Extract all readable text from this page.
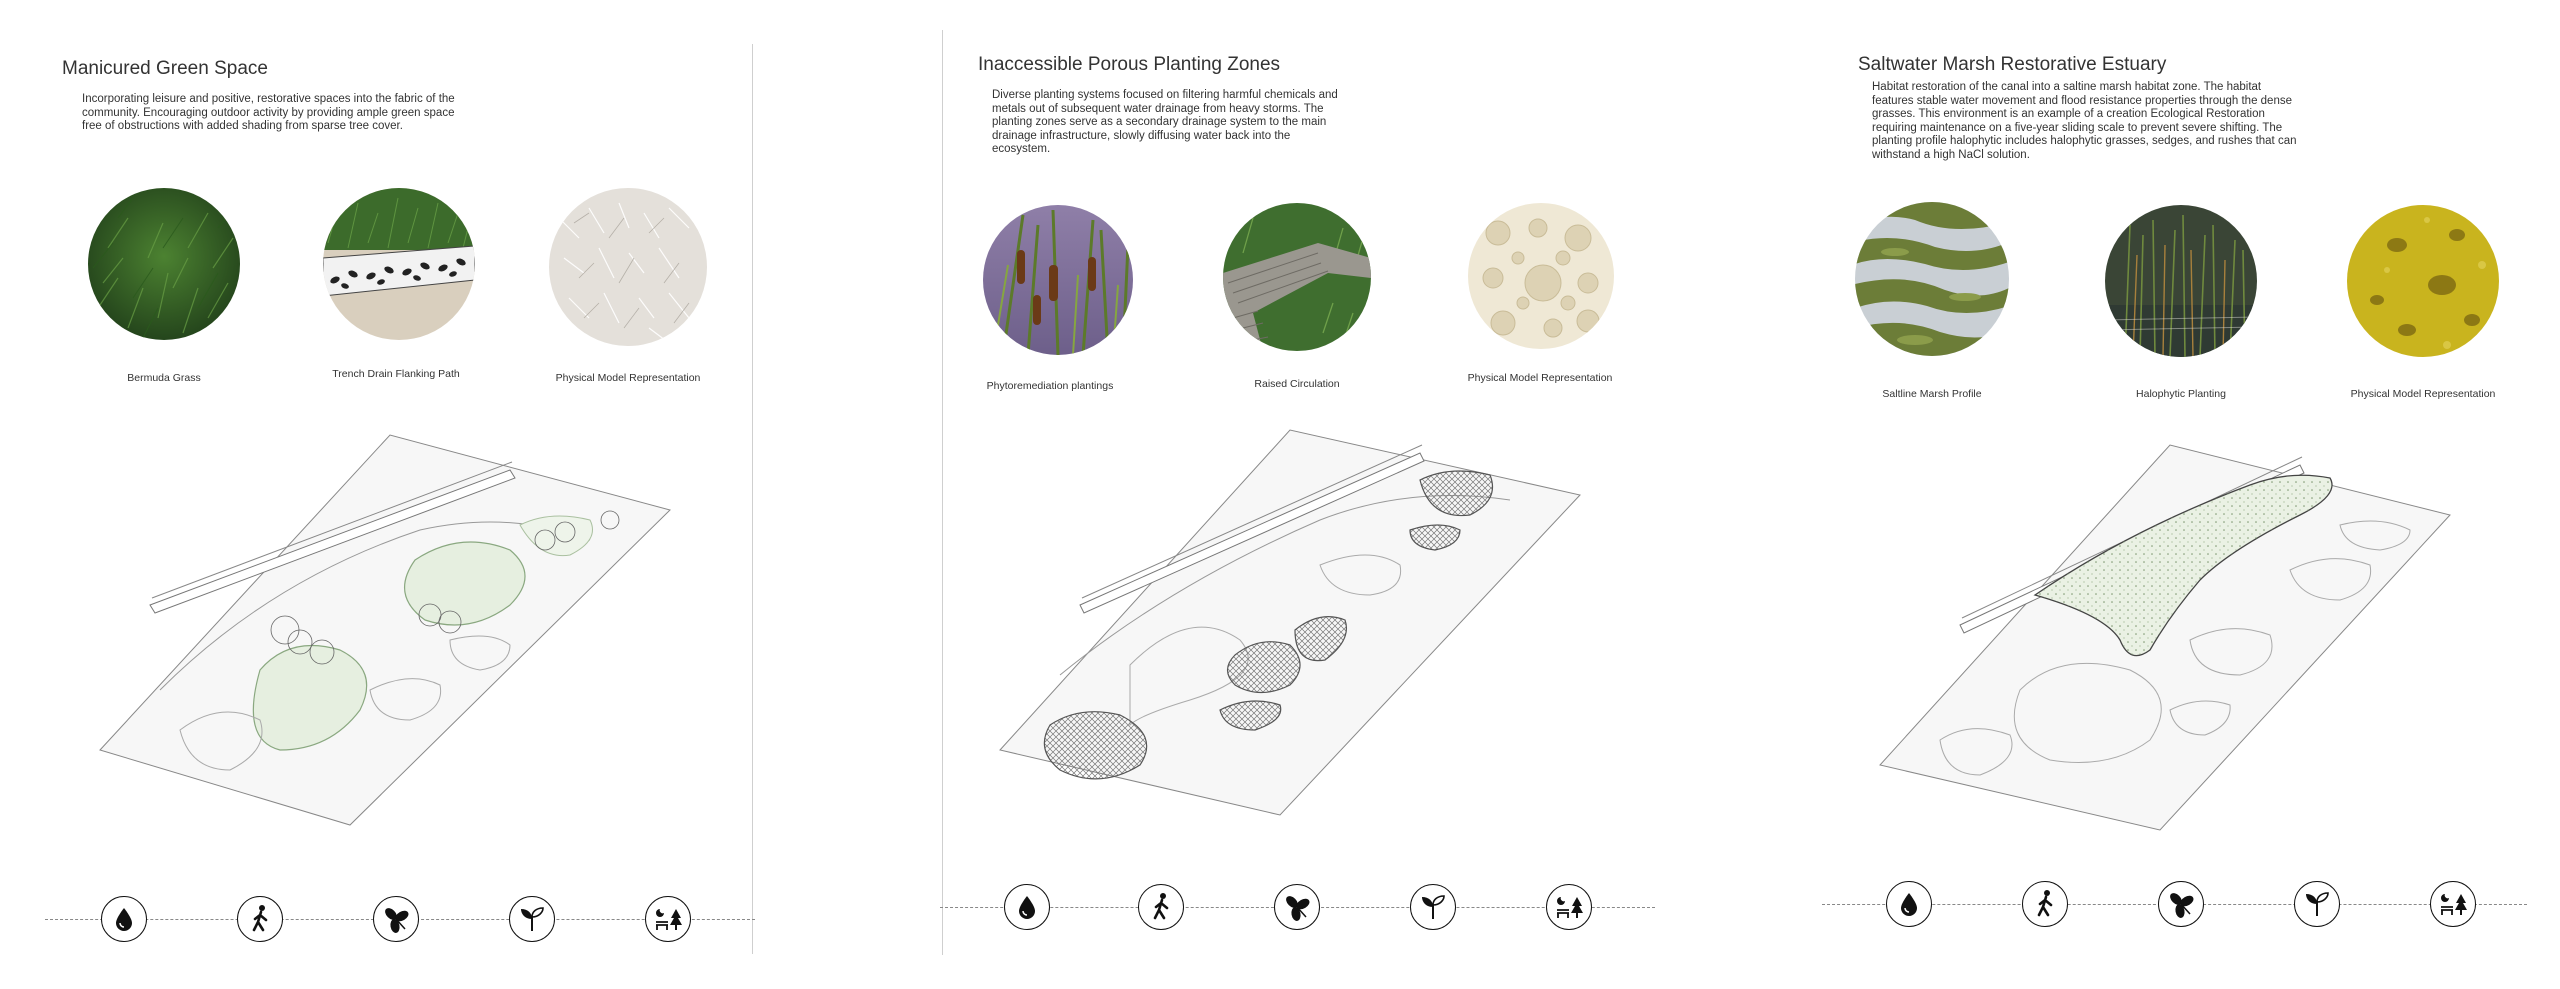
Manicured Green Space
Incorporating leisure and positive, restorative spaces into the fabric of the community. Encouraging outdoor activity by providing ample green space free of obstructions with added shading from sparse tree cover.
Bermuda Grass	Trench Drain Flanking Path	Physical Model Representation
Inaccessible Porous Planting Zones
Diverse planting systems focused on filtering harmful chemicals and metals out of subsequent water drainage from heavy storms. The planting zones serve as a secondary drainage system to the main drainage infrastructure, slowly diffusing water back into the ecosystem.
Phytoremediation plantings	Raised Circulation	Physical Model Representation
Saltwater Marsh Restorative Estuary
Habitat restoration of the canal into a saltine marsh habitat zone. The habitat features stable water movement and flood resistance properties through the dense grasses. This environment is an example of a creation Ecological Restoration requiring maintenance on a five-year sliding scale to prevent severe shifting. The planting profile halophytic includes halophytic grasses, sedges, and rushes that can withstand a high NaCl solution.
Saltline Marsh Profile	Halophytic Planting	Physical Model Representation
